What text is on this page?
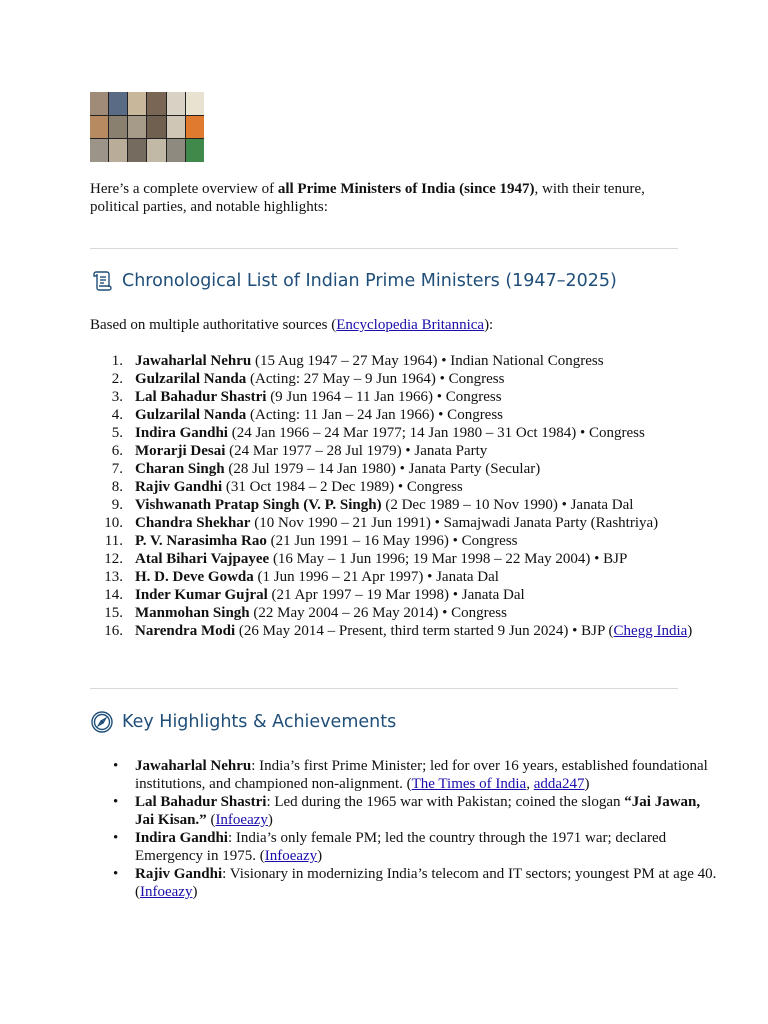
Here’s a complete overview of all Prime Ministers of India (since 1947), with their tenure, political parties, and notable highlights:

Chronological List of Indian Prime Ministers (1947–2025)

Based on multiple authoritative sources (Encyclopedia Britannica):

1. Jawaharlal Nehru (15 Aug 1947 – 27 May 1964) • Indian National Congress
2. Gulzarilal Nanda (Acting: 27 May – 9 Jun 1964) • Congress
3. Lal Bahadur Shastri (9 Jun 1964 – 11 Jan 1966) • Congress
4. Gulzarilal Nanda (Acting: 11 Jan – 24 Jan 1966) • Congress
5. Indira Gandhi (24 Jan 1966 – 24 Mar 1977; 14 Jan 1980 – 31 Oct 1984) • Congress
6. Morarji Desai (24 Mar 1977 – 28 Jul 1979) • Janata Party
7. Charan Singh (28 Jul 1979 – 14 Jan 1980) • Janata Party (Secular)
8. Rajiv Gandhi (31 Oct 1984 – 2 Dec 1989) • Congress
9. Vishwanath Pratap Singh (V. P. Singh) (2 Dec 1989 – 10 Nov 1990) • Janata Dal
10. Chandra Shekhar (10 Nov 1990 – 21 Jun 1991) • Samajwadi Janata Party (Rashtriya)
11. P. V. Narasimha Rao (21 Jun 1991 – 16 May 1996) • Congress
12. Atal Bihari Vajpayee (16 May – 1 Jun 1996; 19 Mar 1998 – 22 May 2004) • BJP
13. H. D. Deve Gowda (1 Jun 1996 – 21 Apr 1997) • Janata Dal
14. Inder Kumar Gujral (21 Apr 1997 – 19 Mar 1998) • Janata Dal
15. Manmohan Singh (22 May 2004 – 26 May 2014) • Congress
16. Narendra Modi (26 May 2014 – Present, third term started 9 Jun 2024) • BJP (Chegg India)
Key Highlights & Achievements
• Jawaharlal Nehru: India’s first Prime Minister; led for over 16 years, established foundational institutions, and championed non-alignment. (The Times of India, adda247)
• Lal Bahadur Shastri: Led during the 1965 war with Pakistan; coined the slogan “Jai Jawan, Jai Kisan.” (Infoeazy)
• Indira Gandhi: India’s only female PM; led the country through the 1971 war; declared Emergency in 1975. (Infoeazy)
• Rajiv Gandhi: Visionary in modernizing India’s telecom and IT sectors; youngest PM at age 40. (Infoeazy)
